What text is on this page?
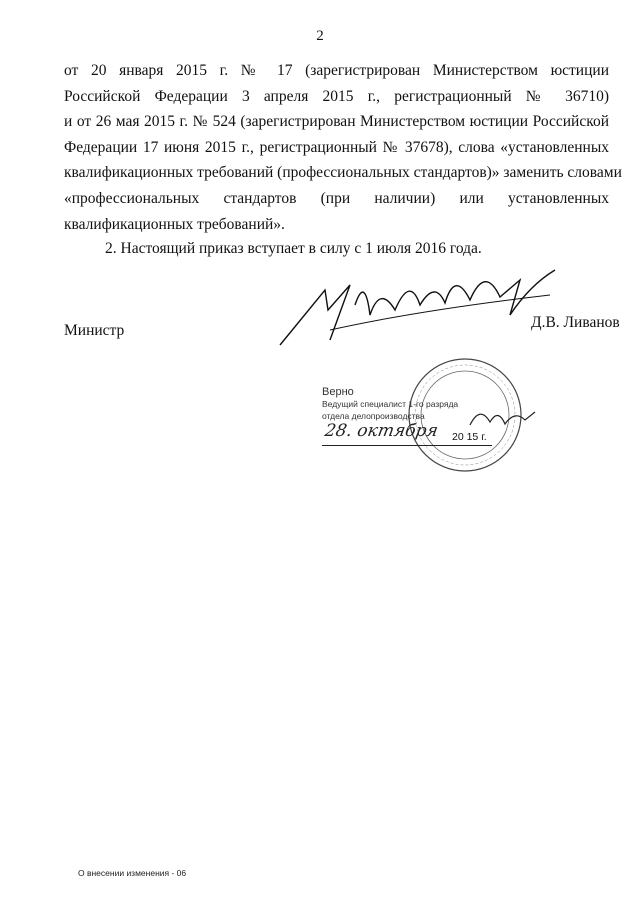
2
от 20 января 2015 г. № 17 (зарегистрирован Министерством юстиции
Российской Федерации 3 апреля 2015 г., регистрационный № 36710)
и от 26 мая 2015 г. № 524 (зарегистрирован Министерством юстиции Российской
Федерации 17 июня 2015 г., регистрационный № 37678), слова «установленных
квалификационных требований (профессиональных стандартов)» заменить словами
«профессиональных стандартов (при наличии) или установленных
квалификационных требований».
2. Настоящий приказ вступает в силу с 1 июля 2016 года.
Министр	Д.В. Ливанов
Верно
Ведущий специалист 1-го разряда
отдела делопроизводства
28. октября 20 15 г.
О внесении изменения - 06
